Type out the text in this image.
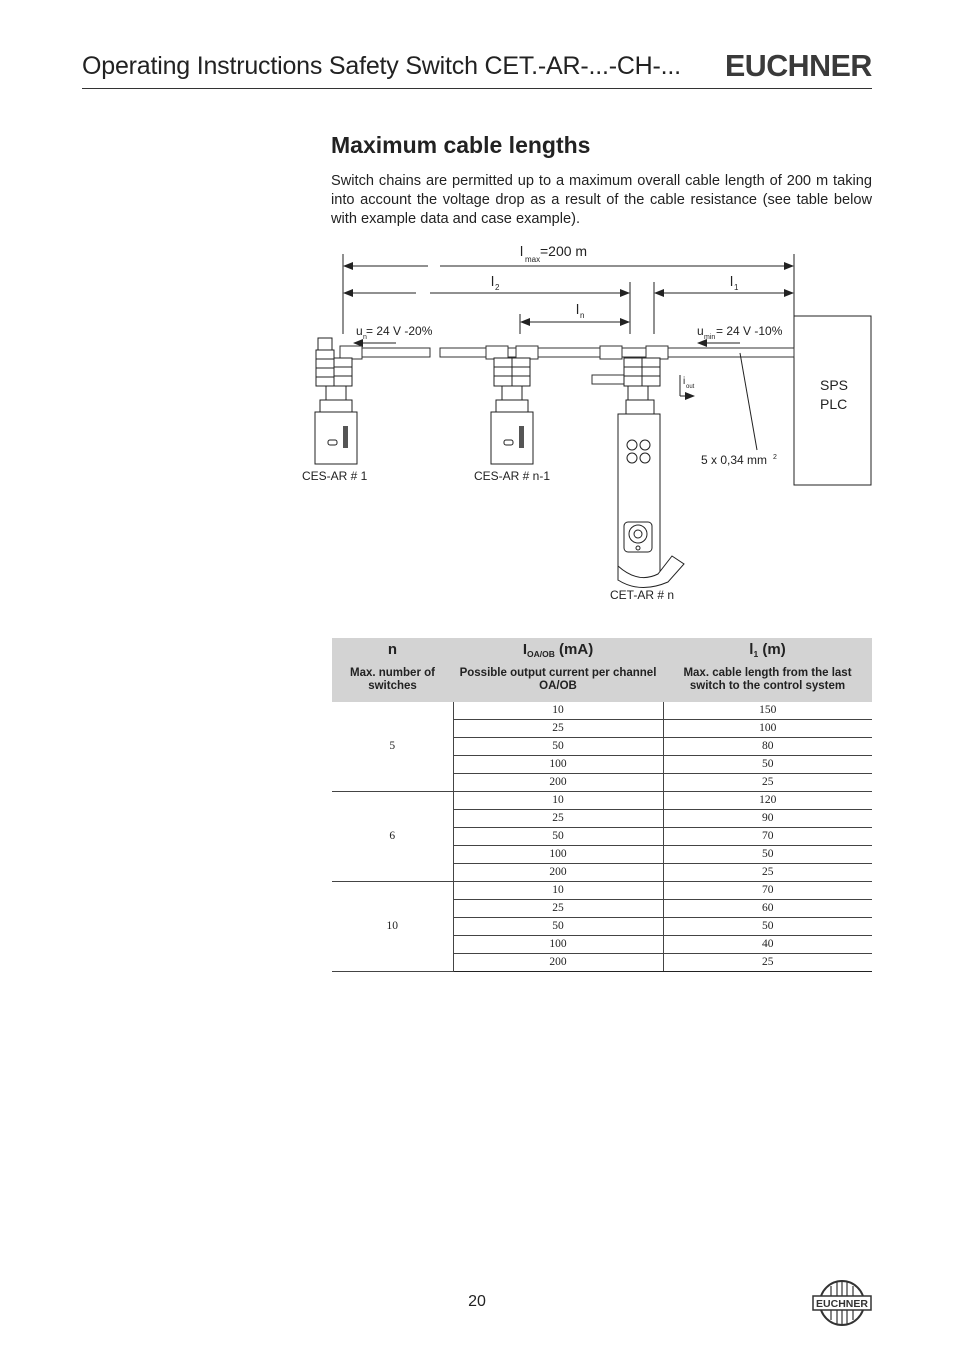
Operating Instructions Safety Switch CET.-AR-...-CH-... EUCHNER
Maximum cable lengths
Switch chains are permitted up to a maximum overall cable length of 200 m taking into account the voltage drop as a result of the cable resistance (see table below with example data and case example).
l
max
=200 m
l 2	l 1
l n
u n = 24 V -20%	u min = 24 V -10%
SPS
PLC
i out
5 x 0,34 mm 2
CES-AR # 1	CES-AR # n-1
CET-AR # n
n	$I_{OA/OB}$ (mA)	$l_1$ (m)
Max. number of switches	Possible output current per channel OA/OB	Max. cable length from the last switch to the control system
5	10	150
	25	100
	50	80
	100	50
	200	25
6	10	120
	25	90
	50	70
	100	50
	200	25
10	10	70
	25	60
	50	50
	100	40
	200	25
20	EUCHNER
